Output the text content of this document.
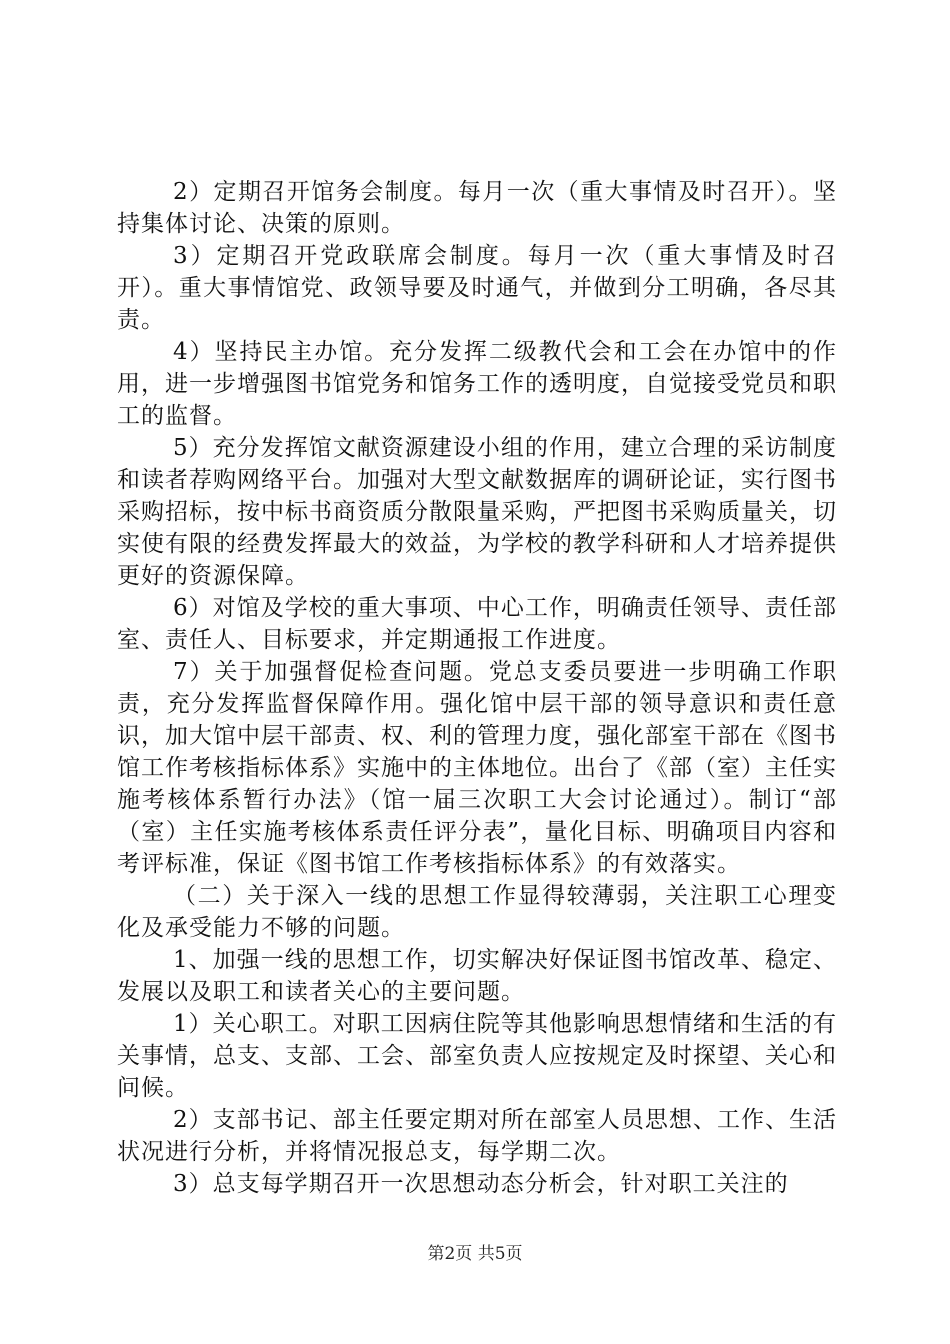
2）定期召开馆务会制度。每月一次（重大事情及时召开）。坚持集体讨论、决策的原则。

3）定期召开党政联席会制度。每月一次（重大事情及时召开）。重大事情馆党、政领导要及时通气，并做到分工明确，各尽其责。

4）坚持民主办馆。充分发挥二级教代会和工会在办馆中的作用，进一步增强图书馆党务和馆务工作的透明度，自觉接受党员和职工的监督。

5）充分发挥馆文献资源建设小组的作用，建立合理的采访制度和读者荐购网络平台。加强对大型文献数据库的调研论证，实行图书采购招标，按中标书商资质分散限量采购，严把图书采购质量关，切实使有限的经费发挥最大的效益，为学校的教学科研和人才培养提供更好的资源保障。

6）对馆及学校的重大事项、中心工作，明确责任领导、责任部室、责任人、目标要求，并定期通报工作进度。

7）关于加强督促检查问题。党总支委员要进一步明确工作职责，充分发挥监督保障作用。强化馆中层干部的领导意识和责任意识，加大馆中层干部责、权、利的管理力度，强化部室干部在《图书馆工作考核指标体系》实施中的主体地位。出台了《部（室）主任实施考核体系暂行办法》（馆一届三次职工大会讨论通过）。制订“部（室）主任实施考核体系责任评分表”，量化目标、明确项目内容和考评标准，保证《图书馆工作考核指标体系》的有效落实。

（二）关于深入一线的思想工作显得较薄弱，关注职工心理变化及承受能力不够的问题。

1、加强一线的思想工作，切实解决好保证图书馆改革、稳定、发展以及职工和读者关心的主要问题。

1）关心职工。对职工因病住院等其他影响思想情绪和生活的有关事情，总支、支部、工会、部室负责人应按规定及时探望、关心和问候。

2）支部书记、部主任要定期对所在部室人员思想、工作、生活状况进行分析，并将情况报总支，每学期二次。

3）总支每学期召开一次思想动态分析会，针对职工关注的

第2页 共5页
